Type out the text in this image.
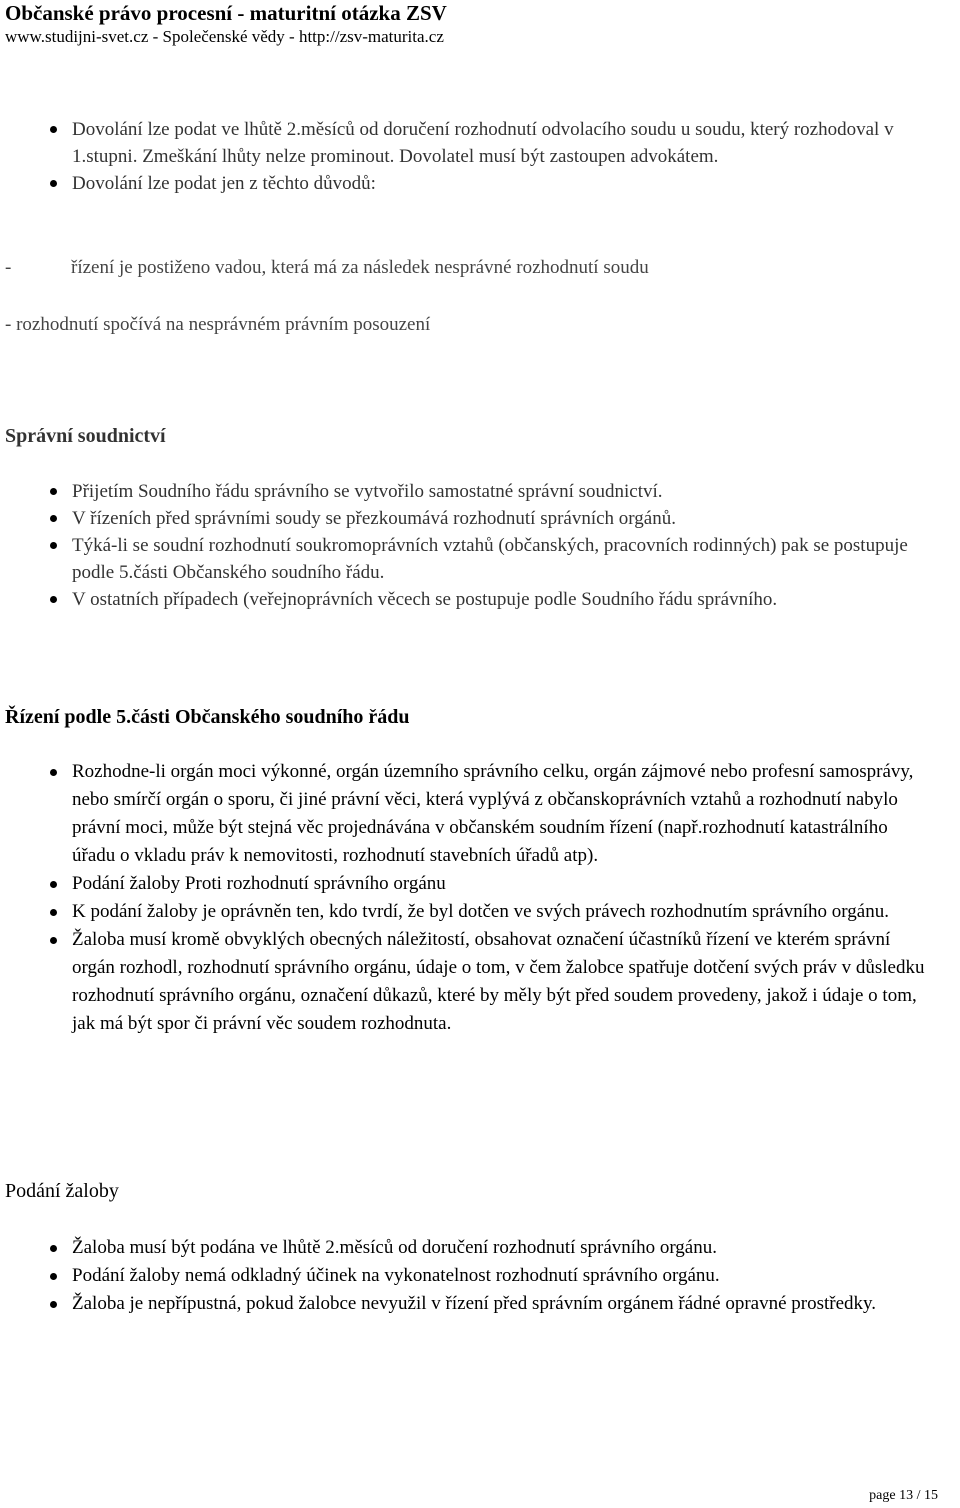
Občanské právo procesní - maturitní otázka ZSV
www.studijni-svet.cz - Společenské vědy - http://zsv-maturita.cz
Dovolání lze podat ve lhůtě 2.měsíců od doručení rozhodnutí odvolacího soudu u soudu, který rozhodoval v 1.stupni. Zmeškání lhůty nelze prominout. Dovolatel musí být zastoupen advokátem.
Dovolání lze podat jen z těchto důvodů:
-	řízení je postiženo vadou, která má za následek nesprávné rozhodnutí soudu
- rozhodnutí spočívá na nesprávném právním posouzení
Správní soudnictví
Přijetím Soudního řádu správního se vytvořilo samostatné správní soudnictví.
V řízeních před správními soudy se přezkoumává rozhodnutí správních orgánů.
Týká-li se soudní rozhodnutí soukromoprávních vztahů (občanských, pracovních rodinných) pak se postupuje podle 5.části Občanského soudního řádu.
V ostatních případech (veřejnoprávních věcech se postupuje podle Soudního řádu správního.
Řízení podle 5.části Občanského soudního řádu
Rozhodne-li orgán moci výkonné, orgán územního správního celku, orgán zájmové nebo profesní samosprávy, nebo smírčí orgán o sporu, či jiné právní věci, která vyplývá z občanskoprávních vztahů a rozhodnutí nabylo právní moci, může být stejná věc projednávána v občanském soudním řízení (např.rozhodnutí katastrálního úřadu o vkladu práv k nemovitosti, rozhodnutí stavebních úřadů atp).
Podání žaloby Proti rozhodnutí správního orgánu
K podání žaloby je oprávněn ten, kdo tvrdí, že byl dotčen ve svých právech rozhodnutím správního orgánu.
Žaloba musí kromě obvyklých obecných náležitostí, obsahovat označení účastníků řízení ve kterém správní orgán rozhodl, rozhodnutí správního orgánu, údaje o tom, v čem žalobce spatřuje dotčení svých práv v důsledku rozhodnutí správního orgánu, označení důkazů, které by měly být před soudem provedeny, jakož i údaje o tom, jak má být spor či právní věc soudem rozhodnuta.
Podání žaloby
Žaloba musí být podána ve lhůtě 2.měsíců od doručení rozhodnutí správního orgánu.
Podání žaloby nemá odkladný účinek na vykonatelnost rozhodnutí správního orgánu.
Žaloba je nepřípustná, pokud žalobce nevyužil v řízení před správním orgánem řádné opravné prostředky.
page 13 / 15
